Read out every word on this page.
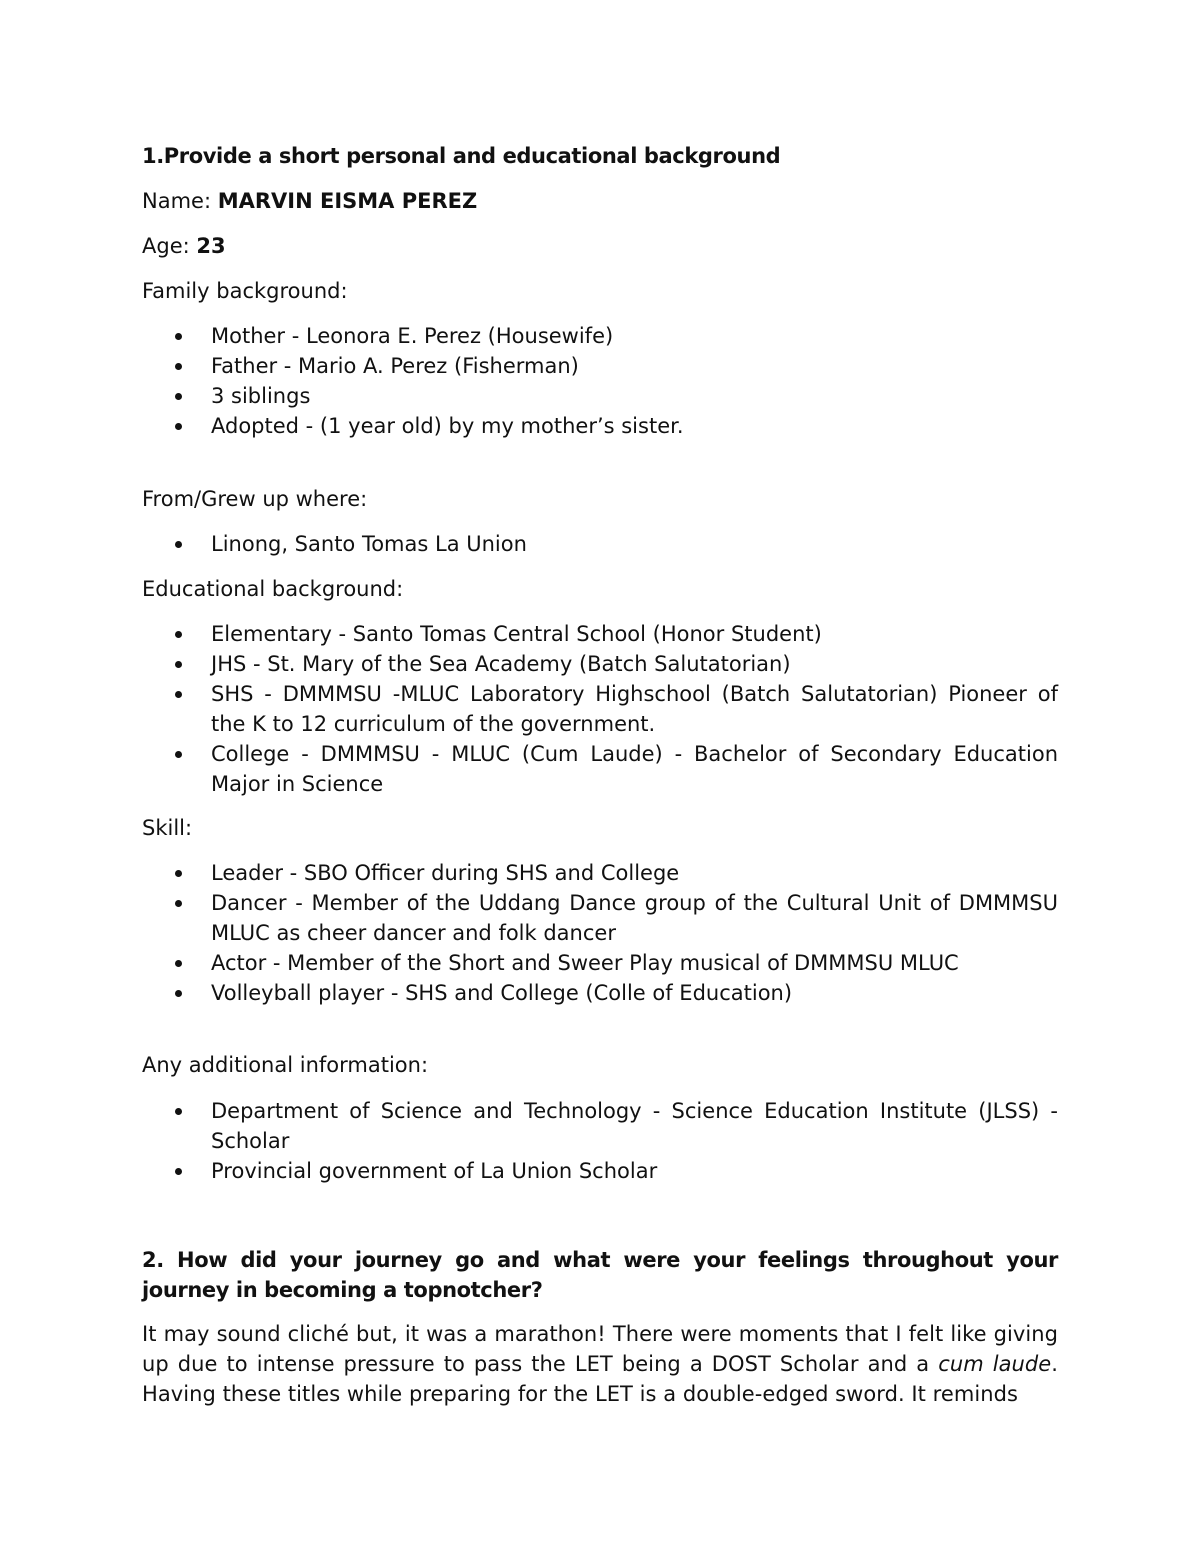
1.Provide a short personal and educational background

Name: MARVIN EISMA PEREZ

Age: 23

Family background:

Mother - Leonora E. Perez (Housewife)
Father - Mario A. Perez (Fisherman)
3 siblings
Adopted - (1 year old) by my mother’s sister.

From/Grew up where:

Linong, Santo Tomas La Union

Educational background:

Elementary - Santo Tomas Central School (Honor Student)
JHS - St. Mary of the Sea Academy (Batch Salutatorian)
SHS - DMMMSU -MLUC Laboratory Highschool (Batch Salutatorian) Pioneer of the K to 12 curriculum of the government.
College - DMMMSU - MLUC (Cum Laude) - Bachelor of Secondary Education Major in Science

Skill:

Leader - SBO Officer during SHS and College
Dancer - Member of the Uddang Dance group of the Cultural Unit of DMMMSU MLUC as cheer dancer and folk dancer
Actor - Member of the Short and Sweer Play musical of DMMMSU MLUC
Volleyball player - SHS and College (Colle of Education)

Any additional information:

Department of Science and Technology - Science Education Institute (JLSS) - Scholar
Provincial government of La Union Scholar

2. How did your journey go and what were your feelings throughout your journey in becoming a topnotcher?

It may sound cliché but, it was a marathon! There were moments that I felt like giving up due to intense pressure to pass the LET being a DOST Scholar and a cum laude. Having these titles while preparing for the LET is a double-edged sword. It reminds
